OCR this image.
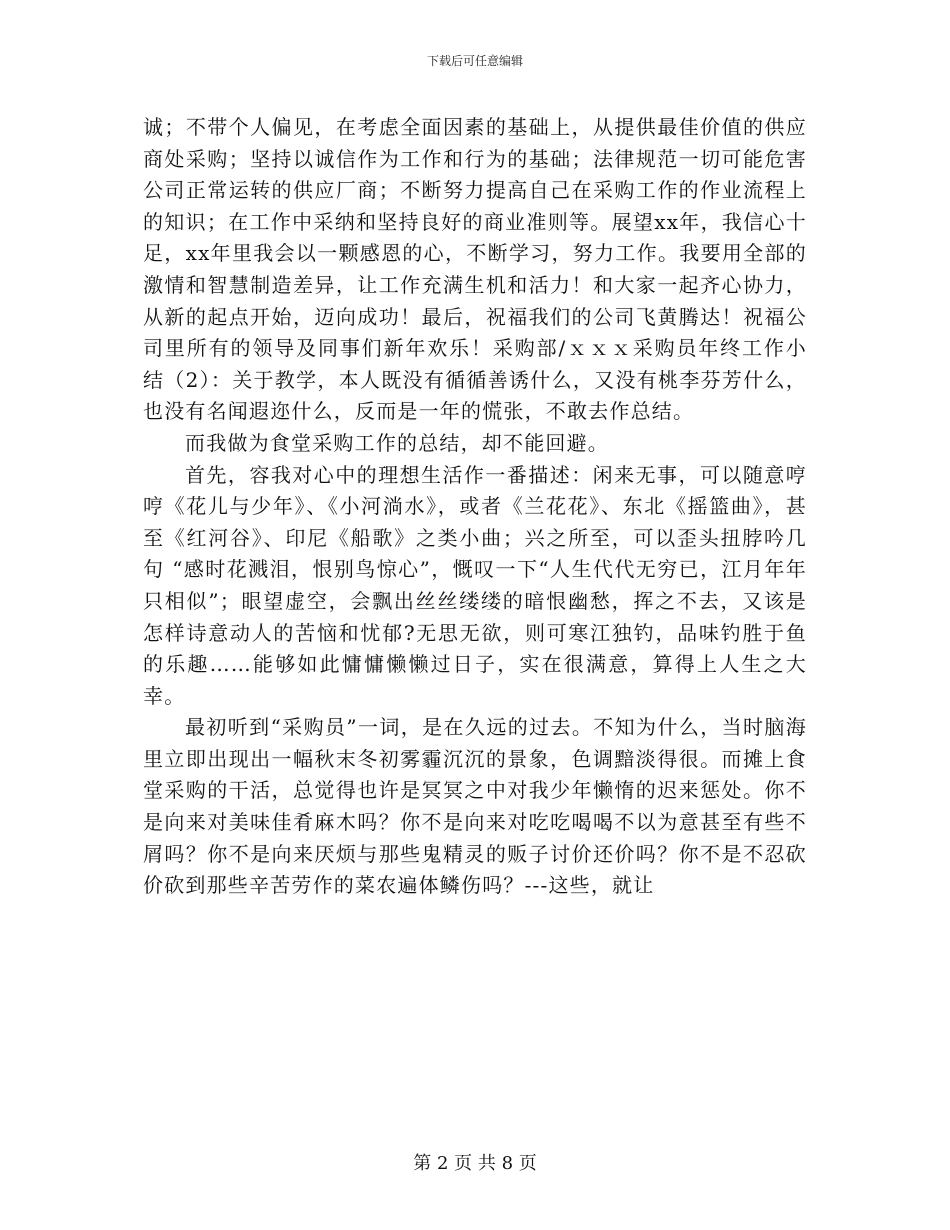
下载后可任意编辑

诚；不带个人偏见，在考虑全面因素的基础上，从提供最佳价值的供应商处采购；坚持以诚信作为工作和行为的基础；法律规范一切可能危害公司正常运转的供应厂商；不断努力提高自己在采购工作的作业流程上的知识；在工作中采纳和坚持良好的商业准则等。展望xx年，我信心十足，xx年里我会以一颗感恩的心，不断学习，努力工作。我要用全部的激情和智慧制造差异，让工作充满生机和活力！和大家一起齐心协力，从新的起点开始，迈向成功！最后，祝福我们的公司飞黄腾达！祝福公司里所有的领导及同事们新年欢乐！采购部/ｘｘｘ采购员年终工作小结（2）：关于教学，本人既没有循循善诱什么，又没有桃李芬芳什么，也没有名闻遐迩什么，反而是一年的慌张，不敢去作总结。

而我做为食堂采购工作的总结，却不能回避。

首先，容我对心中的理想生活作一番描述：闲来无事，可以随意哼哼《花儿与少年》、《小河淌水》，或者《兰花花》、东北《摇篮曲》，甚至《红河谷》、印尼《船歌》之类小曲；兴之所至，可以歪头扭脖吟几句 “感时花溅泪，恨别鸟惊心”，慨叹一下“人生代代无穷已，江月年年只相似”；眼望虚空，会飘出丝丝缕缕的暗恨幽愁，挥之不去，又该是怎样诗意动人的苦恼和忧郁?无思无欲，则可寒江独钓，品味钓胜于鱼的乐趣……能够如此慵慵懒懒过日子，实在很满意，算得上人生之大幸。

最初听到“采购员”一词，是在久远的过去。不知为什么，当时脑海里立即出现出一幅秋末冬初雾霾沉沉的景象，色调黯淡得很。而摊上食堂采购的干活，总觉得也许是冥冥之中对我少年懒惰的迟来惩处。你不是向来对美味佳肴麻木吗？你不是向来对吃吃喝喝不以为意甚至有些不屑吗？你不是向来厌烦与那些鬼精灵的贩子讨价还价吗？你不是不忍砍价砍到那些辛苦劳作的菜农遍体鳞伤吗？---这些，就让

第 2 页 共 8 页
